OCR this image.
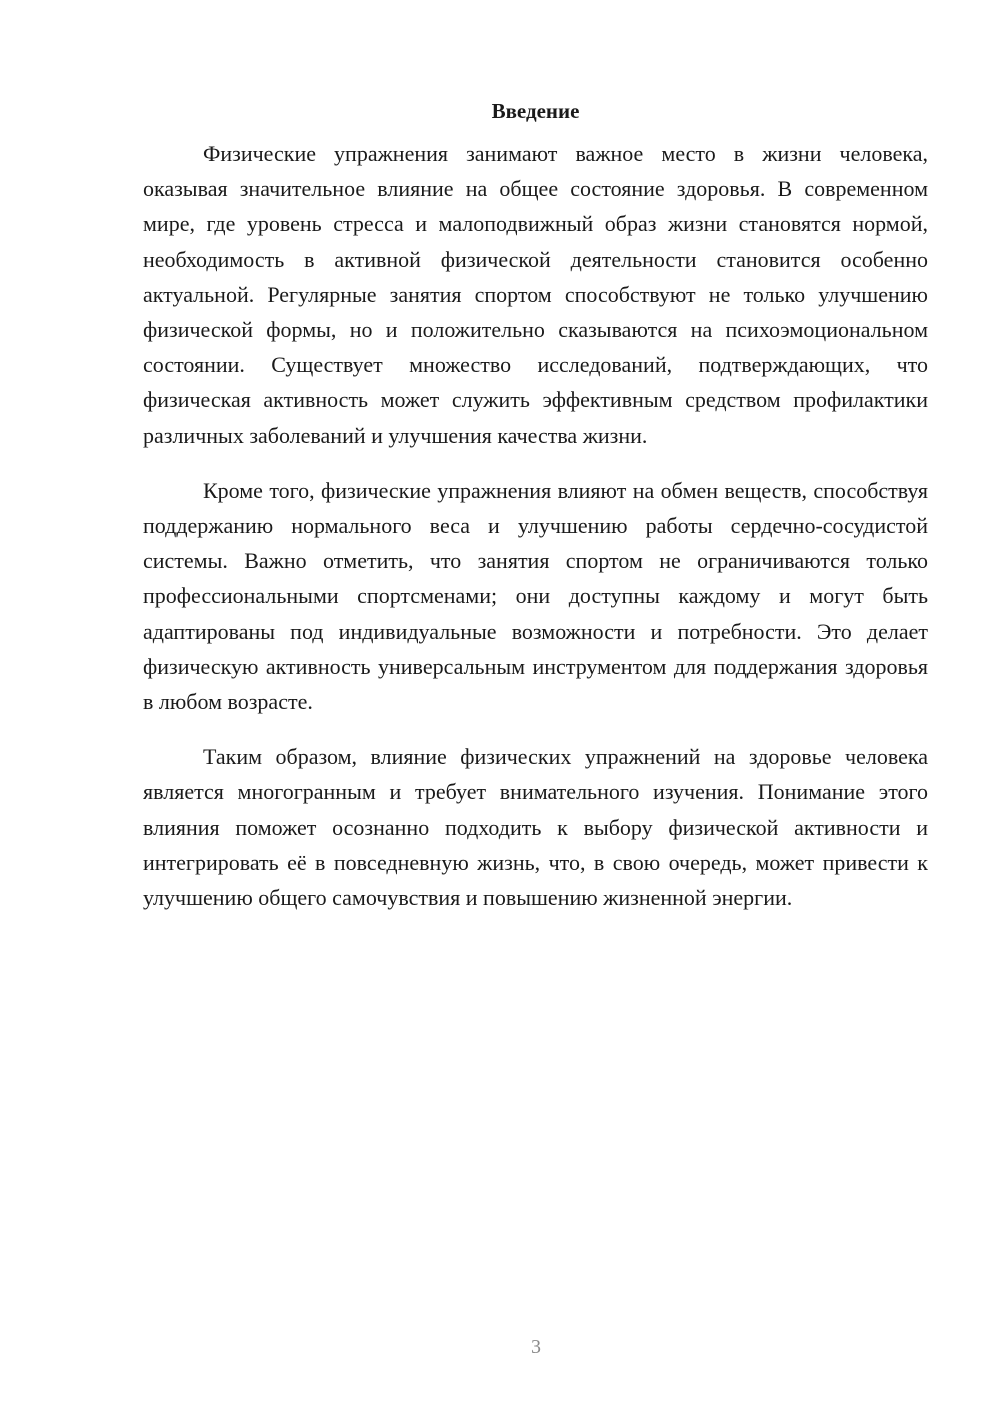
Введение

Физические упражнения занимают важное место в жизни человека, оказывая значительное влияние на общее состояние здоровья. В современном мире, где уровень стресса и малоподвижный образ жизни становятся нормой, необходимость в активной физической деятельности становится особенно актуальной. Регулярные занятия спортом способствуют не только улучшению физической формы, но и положительно сказываются на психоэмоциональном состоянии. Существует множество исследований, подтверждающих, что физическая активность может служить эффективным средством профилактики различных заболеваний и улучшения качества жизни.

Кроме того, физические упражнения влияют на обмен веществ, способствуя поддержанию нормального веса и улучшению работы сердечно-сосудистой системы. Важно отметить, что занятия спортом не ограничиваются только профессиональными спортсменами; они доступны каждому и могут быть адаптированы под индивидуальные возможности и потребности. Это делает физическую активность универсальным инструментом для поддержания здоровья в любом возрасте.

Таким образом, влияние физических упражнений на здоровье человека является многогранным и требует внимательного изучения. Понимание этого влияния поможет осознанно подходить к выбору физической активности и интегрировать её в повседневную жизнь, что, в свою очередь, может привести к улучшению общего самочувствия и повышению жизненной энергии.

3
